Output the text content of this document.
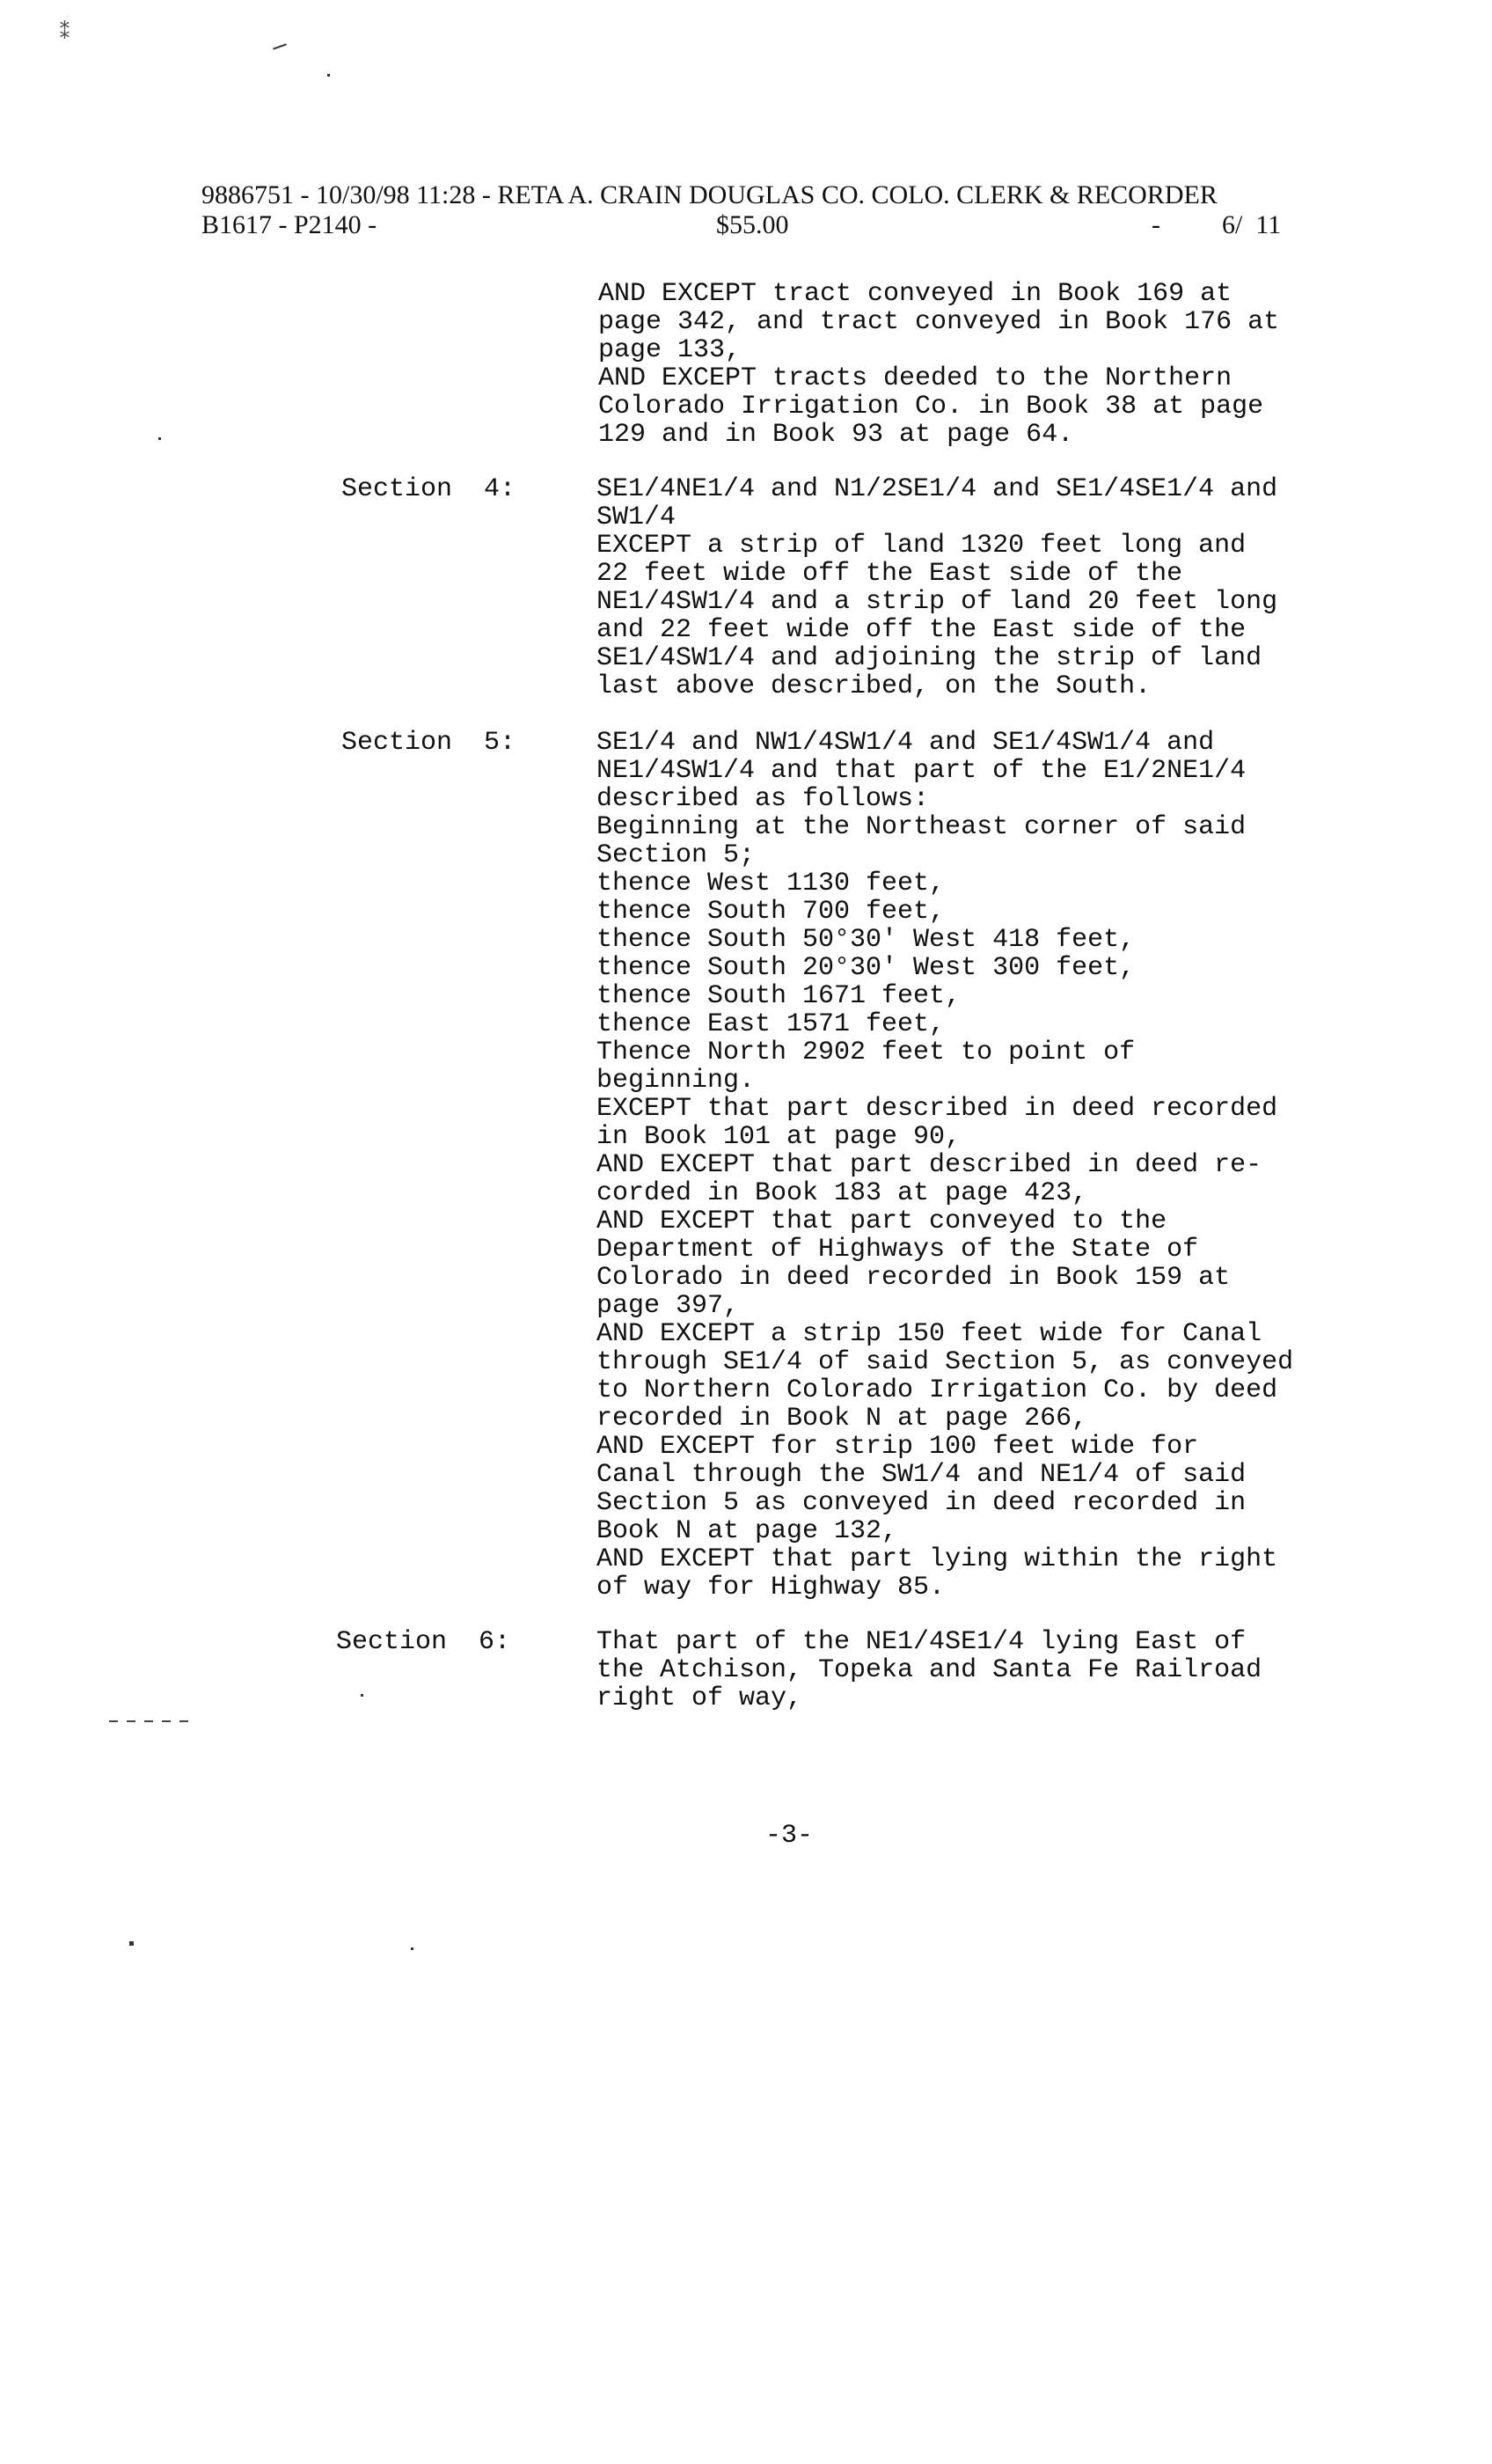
⁑

9886751 - 10/30/98 11:28 - RETA A. CRAIN DOUGLAS CO. COLO. CLERK & RECORDER

B1617 - P2140 -

	$55.00

	-

6/  11

AND EXCEPT tract conveyed in Book 169 at
page 342, and tract conveyed in Book 176 at
page 133,
AND EXCEPT tracts deeded to the Northern
Colorado Irrigation Co. in Book 38 at page
129 and in Book 93 at page 64.
Section  4:	SE1/4NE1/4 and N1/2SE1/4 and SE1/4SE1/4 and
SW1/4
EXCEPT a strip of land 1320 feet long and
22 feet wide off the East side of the
NE1/4SW1/4 and a strip of land 20 feet long
and 22 feet wide off the East side of the
SE1/4SW1/4 and adjoining the strip of land
last above described, on the South.
Section  5:	SE1/4 and NW1/4SW1/4 and SE1/4SW1/4 and
NE1/4SW1/4 and that part of the E1/2NE1/4
described as follows:
Beginning at the Northeast corner of said
Section 5;
thence West 1130 feet,
thence South 700 feet,
thence South 50°30' West 418 feet,
thence South 20°30' West 300 feet,
thence South 1671 feet,
thence East 1571 feet,
Thence North 2902 feet to point of
beginning.
EXCEPT that part described in deed recorded
in Book 101 at page 90,
AND EXCEPT that part described in deed re-
corded in Book 183 at page 423,
AND EXCEPT that part conveyed to the
Department of Highways of the State of
Colorado in deed recorded in Book 159 at
page 397,
AND EXCEPT a strip 150 feet wide for Canal
through SE1/4 of said Section 5, as conveyed
to Northern Colorado Irrigation Co. by deed
recorded in Book N at page 266,
AND EXCEPT for strip 100 feet wide for
Canal through the SW1/4 and NE1/4 of said
Section 5 as conveyed in deed recorded in
Book N at page 132,
AND EXCEPT that part lying within the right
of way for Highway 85.
Section  6:	That part of the NE1/4SE1/4 lying East of
the Atchison, Topeka and Santa Fe Railroad
right of way,
-3-
